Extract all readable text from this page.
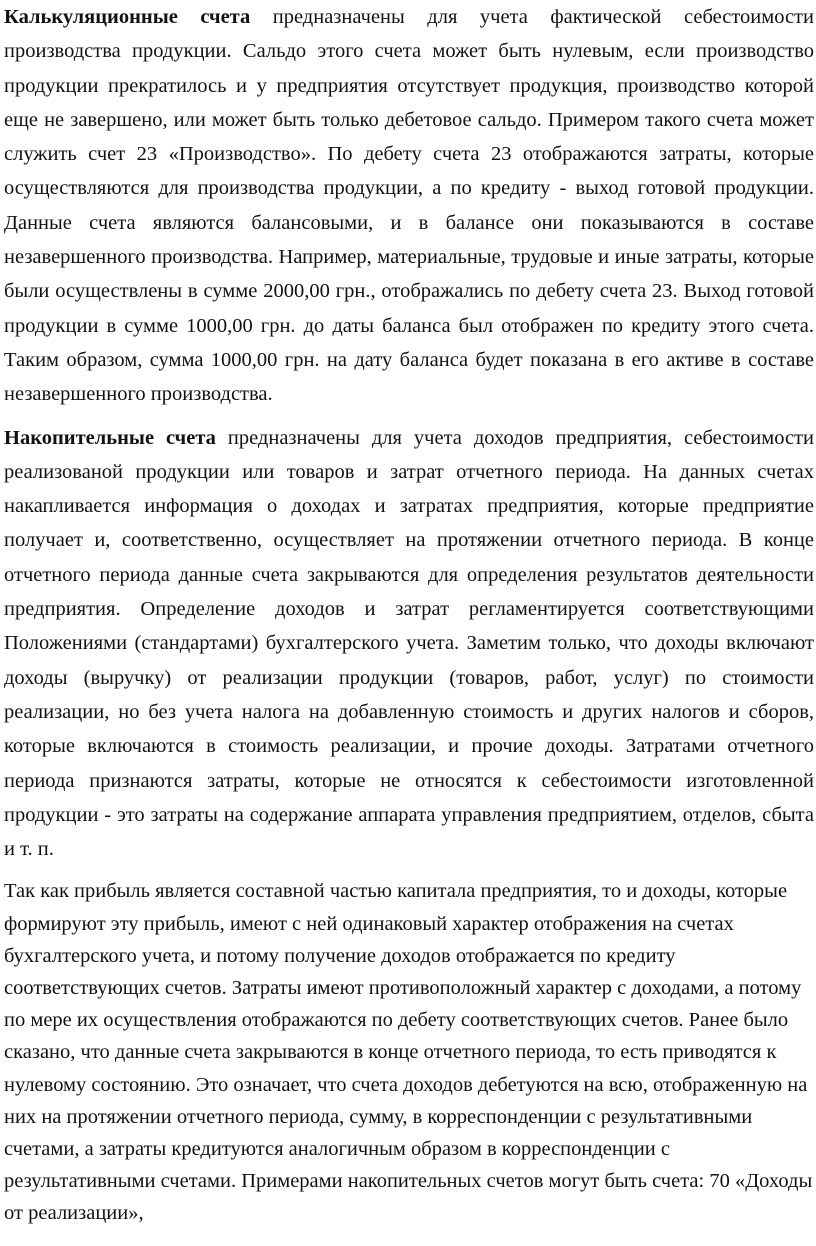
Калькуляционные счета предназначены для учета фактической себестоимости производства продукции. Сальдо этого счета может быть нулевым, если производство продукции прекратилось и у предприятия отсутствует продукция, производство которой еще не завершено, или может быть только дебетовое сальдо. Примером такого счета может служить счет 23 «Производство». По дебету счета 23 отображаются затраты, которые осуществляются для производства продукции, а по кредиту - выход готовой продукции. Данные счета являются балансовыми, и в балансе они показываются в составе незавершенного производства. Например, материальные, трудовые и иные затраты, которые были осуществлены в сумме 2000,00 грн., отображались по дебету счета 23. Выход готовой продукции в сумме 1000,00 грн. до даты баланса был отображен по кредиту этого счета. Таким образом, сумма 1000,00 грн. на дату баланса будет показана в его активе в составе незавершенного производства.

Накопительные счета предназначены для учета доходов предприятия, себестоимости реализованой продукции или товаров и затрат отчетного периода. На данных счетах накапливается информация о доходах и затратах предприятия, которые предприятие получает и, соответственно, осуществляет на протяжении отчетного периода. В конце отчетного периода данные счета закрываются для определения результатов деятельности предприятия. Определение доходов и затрат регламентируется соответствующими Положениями (стандартами) бухгалтерского учета. Заметим только, что доходы включают доходы (выручку) от реализации продукции (товаров, работ, услуг) по стоимости реализации, но без учета налога на добавленную стоимость и других налогов и сборов, которые включаются в стоимость реализации, и прочие доходы. Затратами отчетного периода признаются затраты, которые не относятся к себестоимости изготовленной продукции - это затраты на содержание аппарата управления предприятием, отделов, сбыта и т. п.

Так как прибыль является составной частью капитала предприятия, то и доходы, которые формируют эту прибыль, имеют с ней одинаковый характер отображения на счетах бухгалтерского учета, и потому получение доходов отображается по кредиту соответствующих счетов. Затраты имеют противоположный характер с доходами, а потому по мере их осуществления отображаются по дебету соответствующих счетов. Ранее было сказано, что данные счета закрываются в конце отчетного периода, то есть приводятся к нулевому состоянию. Это означает, что счета доходов дебетуются на всю, отображенную на них на протяжении отчетного периода, сумму, в корреспонденции с результативными счетами, а затраты кредитуются аналогичным образом в корреспонденции с результативными счетами. Примерами накопительных счетов могут быть счета: 70 «Доходы от реализации»,
